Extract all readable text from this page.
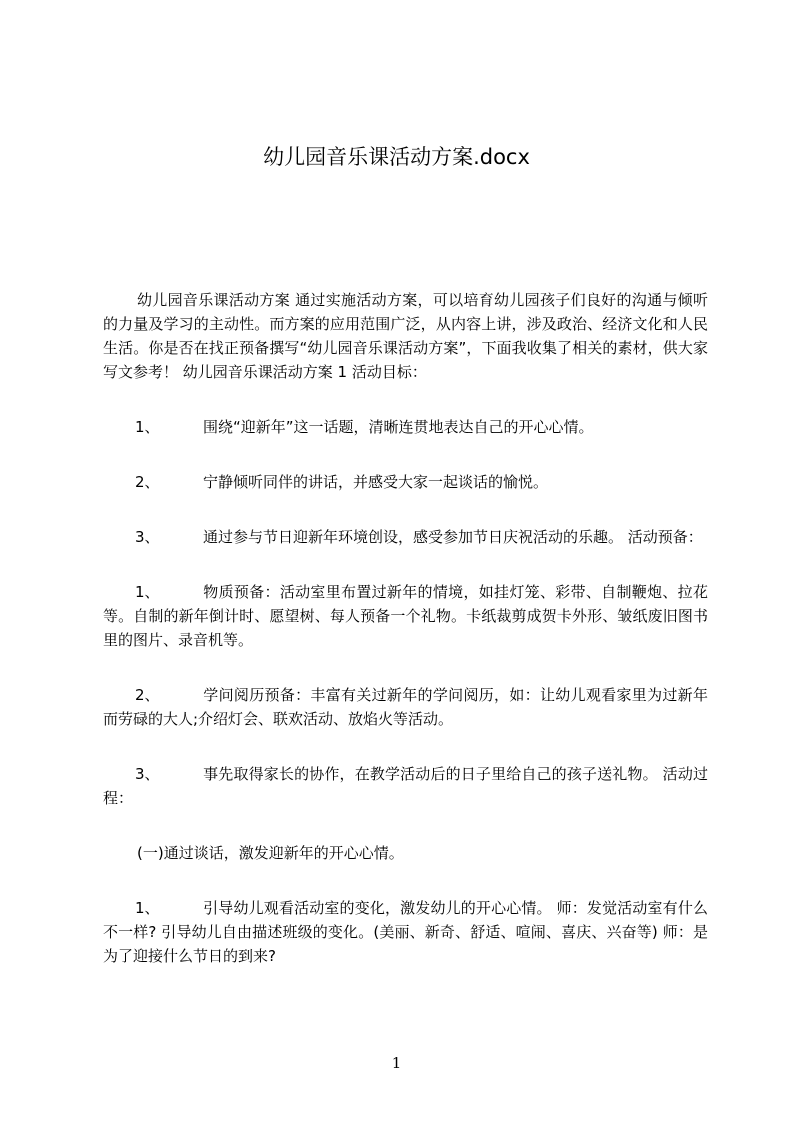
幼儿园音乐课活动方案.docx

幼儿园音乐课活动方案 通过实施活动方案，可以培育幼儿园孩子们良好的沟通与倾听的力量及学习的主动性。而方案的应用范围广泛，从内容上讲，涉及政治、经济文化和人民生活。你是否在找正预备撰写“幼儿园音乐课活动方案”，下面我收集了相关的素材，供大家写文参考！ 幼儿园音乐课活动方案 1 活动目标：

1、	围绕“迎新年”这一话题，清晰连贯地表达自己的开心心情。

2、	宁静倾听同伴的讲话，并感受大家一起谈话的愉悦。

3、	通过参与节日迎新年环境创设，感受参加节日庆祝活动的乐趣。 活动预备：

1、	物质预备：活动室里布置过新年的情境，如挂灯笼、彩带、自制鞭炮、拉花等。自制的新年倒计时、愿望树、每人预备一个礼物。卡纸裁剪成贺卡外形、皱纸废旧图书里的图片、录音机等。

2、	学问阅历预备：丰富有关过新年的学问阅历，如：让幼儿观看家里为过新年而劳碌的大人;介绍灯会、联欢活动、放焰火等活动。

3、	事先取得家长的协作，在教学活动后的日子里给自己的孩子送礼物。 活动过程：

(一)通过谈话，激发迎新年的开心心情。

1、	引导幼儿观看活动室的变化，激发幼儿的开心心情。 师：发觉活动室有什么不一样? 引导幼儿自由描述班级的变化。(美丽、新奇、舒适、喧闹、喜庆、兴奋等) 师：是为了迎接什么节日的到来?

1
